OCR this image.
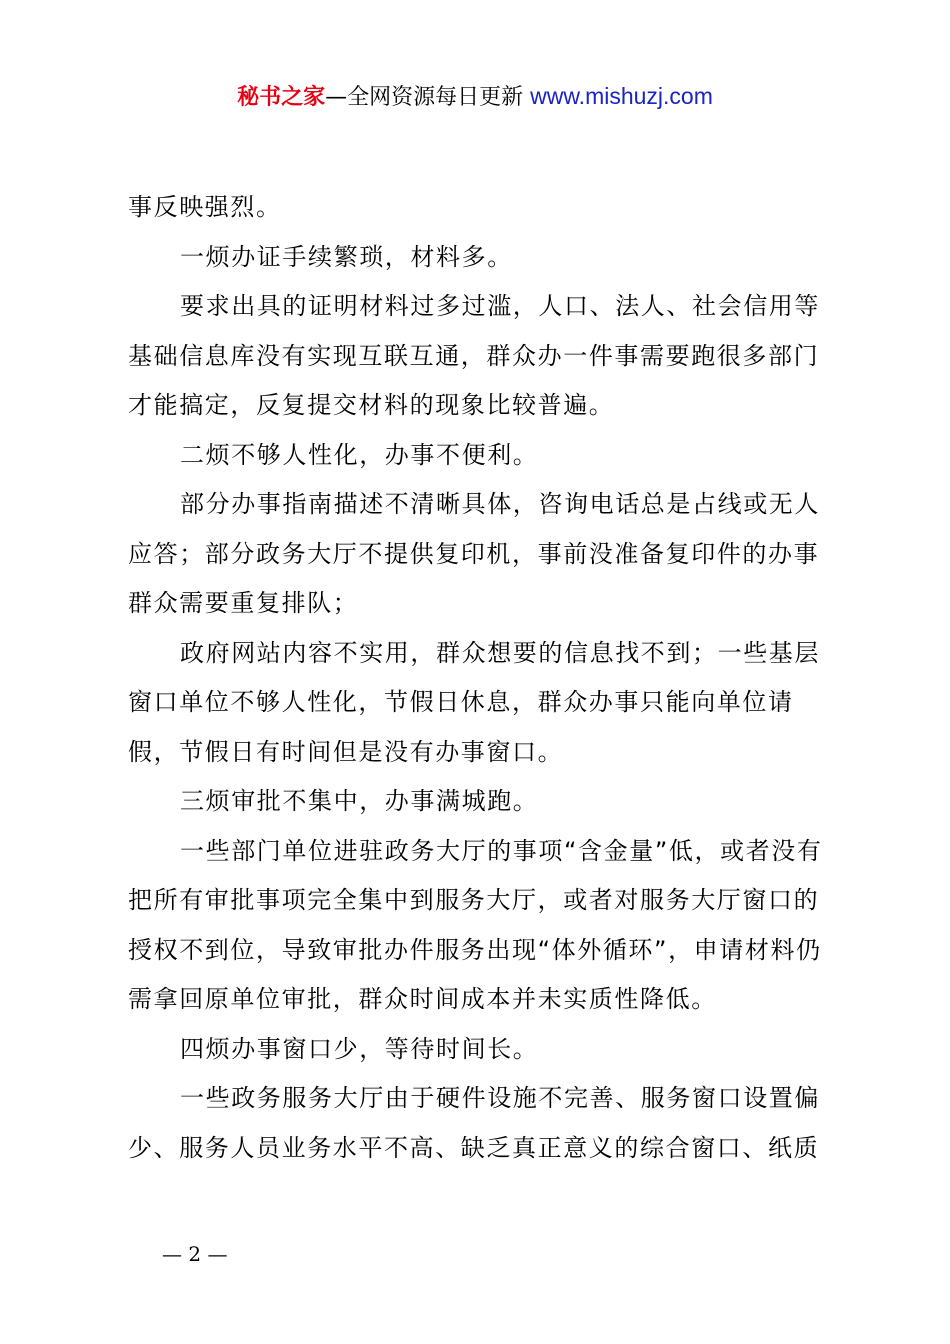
秘书之家—全网资源每日更新 www.mishuzj.com

事反映强烈。

一烦办证手续繁琐，材料多。

要求出具的证明材料过多过滥，人口、法人、社会信用等基础信息库没有实现互联互通，群众办一件事需要跑很多部门才能搞定，反复提交材料的现象比较普遍。

二烦不够人性化，办事不便利。

部分办事指南描述不清晰具体，咨询电话总是占线或无人应答；部分政务大厅不提供复印机，事前没准备复印件的办事群众需要重复排队；

政府网站内容不实用，群众想要的信息找不到；一些基层窗口单位不够人性化，节假日休息，群众办事只能向单位请假，节假日有时间但是没有办事窗口。

三烦审批不集中，办事满城跑。

一些部门单位进驻政务大厅的事项“含金量”低，或者没有把所有审批事项完全集中到服务大厅，或者对服务大厅窗口的授权不到位，导致审批办件服务出现“体外循环”，申请材料仍需拿回原单位审批，群众时间成本并未实质性降低。

四烦办事窗口少，等待时间长。

一些政务服务大厅由于硬件设施不完善、服务窗口设置偏少、服务人员业务水平不高、缺乏真正意义的综合窗口、纸质

— 2 —
